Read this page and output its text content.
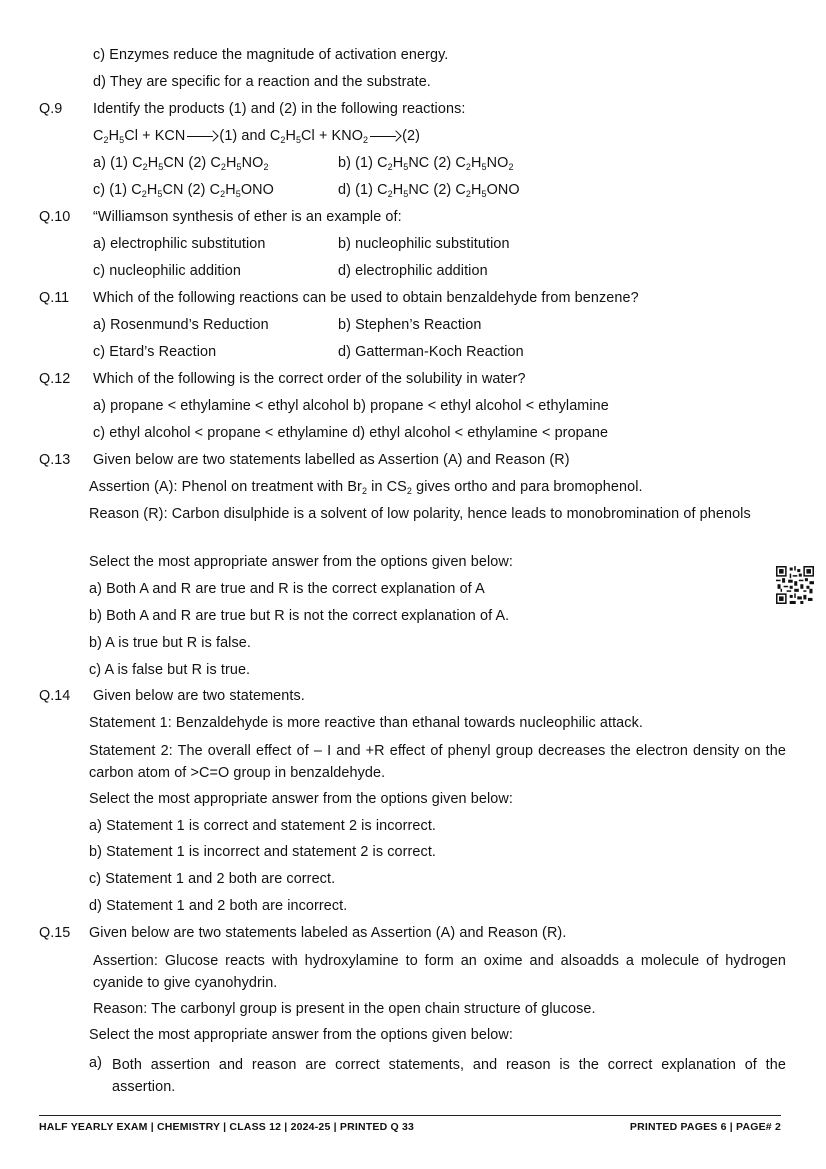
c) Enzymes reduce the magnitude of activation energy.
d) They are specific for a reaction and the substrate.
Q.9 Identify the products (1) and (2) in the following reactions:
$C_2H_5Cl$ + KCN (1) and $C_2H_5Cl + KNO_2$ (2)
a) (1) $C_2H_5CN$ (2) $C_2H_5NO_2$	b) (1) $C_2H_5NC$ (2) $C_2H_5NO_2$
c) (1) $C_2H_5CN$ (2) $C_2H_5ONO$	d) (1) $C_2H_5NC$ (2) $C_2H_5ONO$
Q.10 “Williamson synthesis of ether is an example of:
a) electrophilic substitution	b) nucleophilic substitution
c) nucleophilic addition	d) electrophilic addition
Q.11 Which of the following reactions can be used to obtain benzaldehyde from benzene?
a) Rosenmund’s Reduction	b) Stephen’s Reaction
c) Etard’s Reaction	d) Gatterman-Koch Reaction
Q.12 Which of the following is the correct order of the solubility in water?
a) propane < ethylamine < ethyl alcohol b) propane < ethyl alcohol < ethylamine
c) ethyl alcohol < propane < ethylamine d) ethyl alcohol < ethylamine < propane
Q.13 Given below are two statements labelled as Assertion (A) and Reason (R)
Assertion (A): Phenol on treatment with $Br_2$ in $CS_2$ gives ortho and para bromophenol.
Reason (R): Carbon disulphide is a solvent of low polarity, hence leads to monobromination of phenols
Select the most appropriate answer from the options given below:
a) Both A and R are true and R is the correct explanation of A
b) Both A and R are true but R is not the correct explanation of A.
b) A is true but R is false.
c) A is false but R is true.
Q.14 Given below are two statements.
Statement 1: Benzaldehyde is more reactive than ethanal towards nucleophilic attack.
Statement 2: The overall effect of – I and +R effect of phenyl group decreases the electron density on the carbon atom of >C=O group in benzaldehyde.
Select the most appropriate answer from the options given below:
a) Statement 1 is correct and statement 2 is incorrect.
b) Statement 1 is incorrect and statement 2 is correct.
c) Statement 1 and 2 both are correct.
d) Statement 1 and 2 both are incorrect.
Q.15 Given below are two statements labeled as Assertion (A) and Reason (R).
Assertion: Glucose reacts with hydroxylamine to form an oxime and alsoadds a molecule of hydrogen cyanide to give cyanohydrin.
Reason: The carbonyl group is present in the open chain structure of glucose.
Select the most appropriate answer from the options given below:
a) Both assertion and reason are correct statements, and reason is the correct explanation of the assertion.
HALF YEARLY EXAM | CHEMISTRY | CLASS 12 | 2024-25 | PRINTED Q 33	PRINTED PAGES 6 | PAGE# 2
